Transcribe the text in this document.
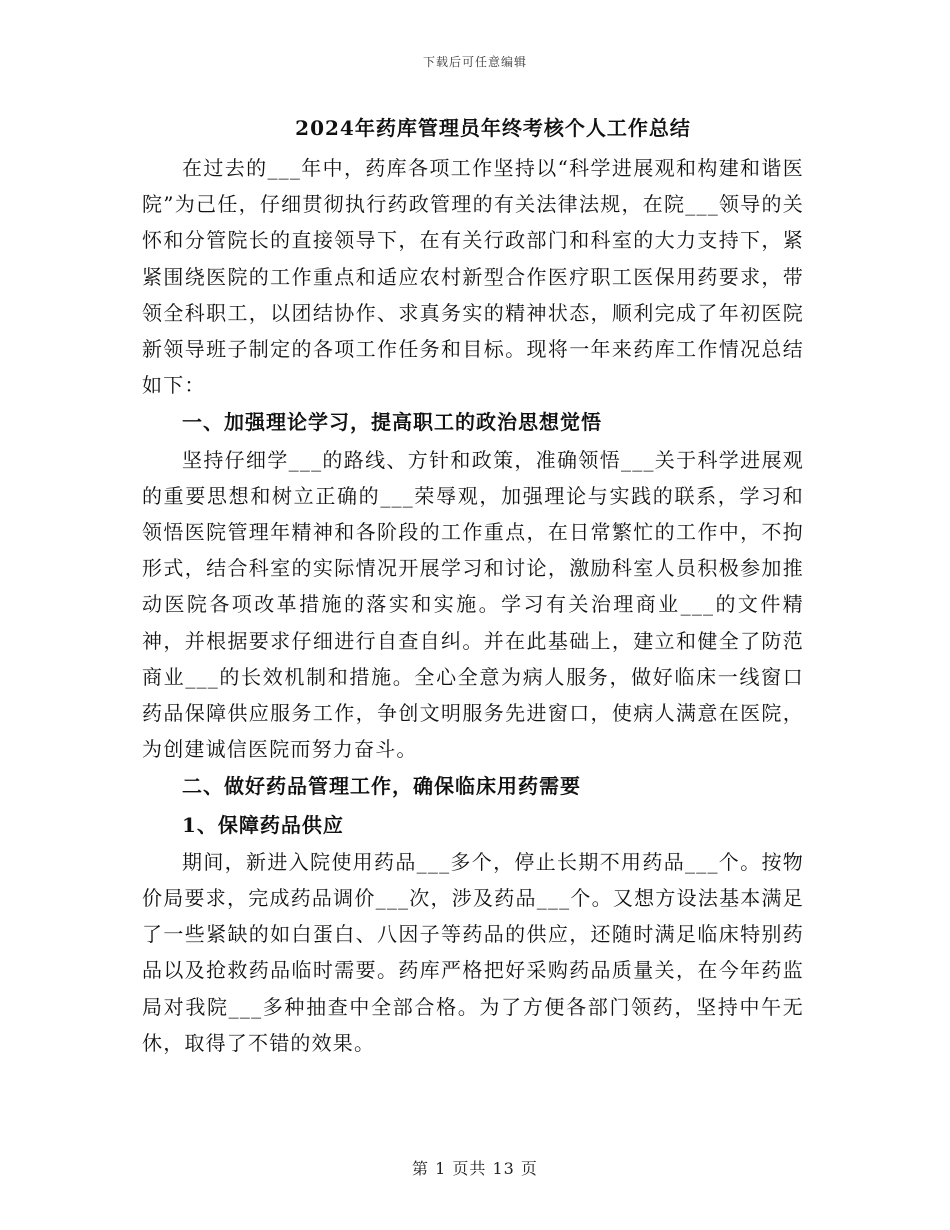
下载后可任意编辑
2024年药库管理员年终考核个人工作总结

在过去的___年中，药库各项工作坚持以“科学进展观和构建和谐医院”为己任，仔细贯彻执行药政管理的有关法律法规，在院___领导的关怀和分管院长的直接领导下，在有关行政部门和科室的大力支持下，紧紧围绕医院的工作重点和适应农村新型合作医疗职工医保用药要求，带领全科职工，以团结协作、求真务实的精神状态，顺利完成了年初医院新领导班子制定的各项工作任务和目标。现将一年来药库工作情况总结如下：

一、加强理论学习，提高职工的政治思想觉悟

坚持仔细学___的路线、方针和政策，准确领悟___关于科学进展观的重要思想和树立正确的___荣辱观，加强理论与实践的联系，学习和领悟医院管理年精神和各阶段的工作重点，在日常繁忙的工作中，不拘形式，结合科室的实际情况开展学习和讨论，激励科室人员积极参加推动医院各项改革措施的落实和实施。学习有关治理商业___的文件精神，并根据要求仔细进行自查自纠。并在此基础上，建立和健全了防范商业___的长效机制和措施。全心全意为病人服务，做好临床一线窗口药品保障供应服务工作，争创文明服务先进窗口，使病人满意在医院，为创建诚信医院而努力奋斗。

二、做好药品管理工作，确保临床用药需要

1、保障药品供应

期间，新进入院使用药品___多个，停止长期不用药品___个。按物价局要求，完成药品调价___次，涉及药品___个。又想方设法基本满足了一些紧缺的如白蛋白、八因子等药品的供应，还随时满足临床特别药品以及抢救药品临时需要。药库严格把好采购药品质量关，在今年药监局对我院___多种抽查中全部合格。为了方便各部门领药，坚持中午无休，取得了不错的效果。

第 1 页共 13 页
